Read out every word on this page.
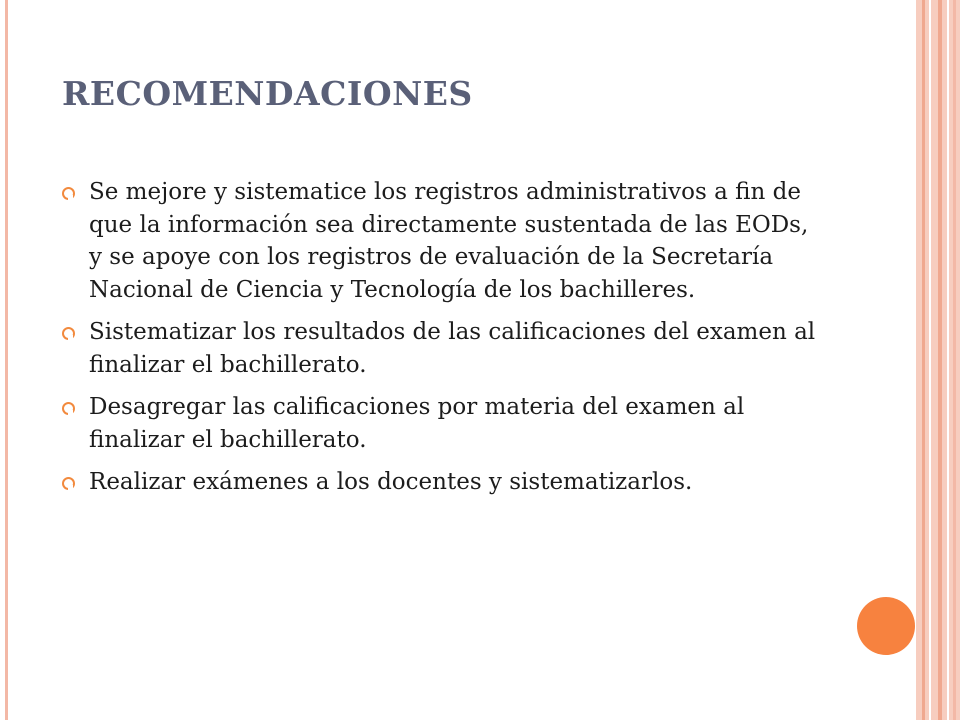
RECOMENDACIONES
Se mejore y sistematice los registros administrativos a fin de que la información sea directamente sustentada de las EODs, y se apoye con los registros de evaluación de la Secretaría Nacional de Ciencia y Tecnología de los bachilleres.
Sistematizar los resultados de las calificaciones del examen al finalizar el bachillerato.
Desagregar las calificaciones por materia del examen al finalizar el bachillerato.
Realizar exámenes a los docentes y sistematizarlos.
